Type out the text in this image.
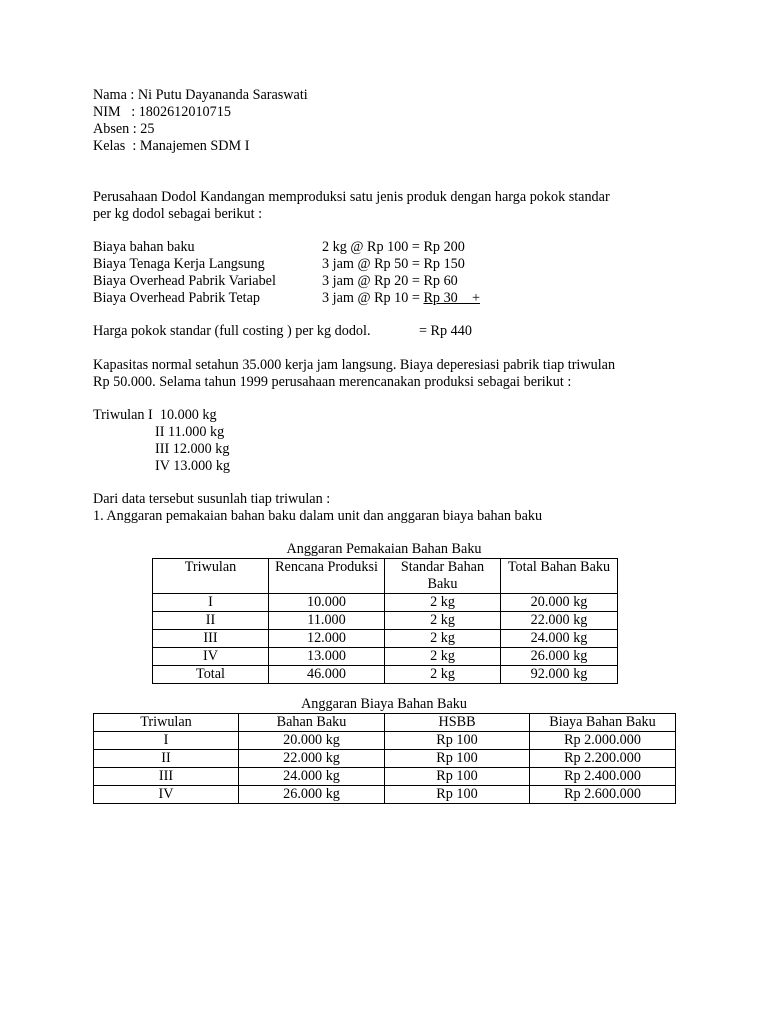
Nama : Ni Putu Dayananda Saraswati
NIM   : 1802612010715
Absen : 25
Kelas  : Manajemen SDM I
Perusahaan Dodol Kandangan memproduksi satu jenis produk dengan harga pokok standar
per kg dodol sebagai berikut :
Biaya bahan baku	2 kg @ Rp 100 = Rp 200
Biaya Tenaga Kerja Langsung	3 jam @ Rp 50 = Rp 150
Biaya Overhead Pabrik Variabel	3 jam @ Rp 20 = Rp 60
Biaya Overhead Pabrik Tetap	3 jam @ Rp 10 = Rp 30    +
Harga pokok standar (full costing ) per kg dodol.	= Rp 440
Kapasitas normal setahun 35.000 kerja jam langsung. Biaya deperesiasi pabrik tiap triwulan
Rp 50.000. Selama tahun 1999 perusahaan merencanakan produksi sebagai berikut :
Triwulan I  10.000 kg
II 11.000 kg
III 12.000 kg
IV 13.000 kg
Dari data tersebut susunlah tiap triwulan :
1. Anggaran pemakaian bahan baku dalam unit dan anggaran biaya bahan baku
Anggaran Pemakaian Bahan Baku
Triwulan	Rencana Produksi	Standar Bahan Baku	Total Bahan Baku
I	10.000	2 kg	20.000 kg
II	11.000	2 kg	22.000 kg
III	12.000	2 kg	24.000 kg
IV	13.000	2 kg	26.000 kg
Total	46.000	2 kg	92.000 kg
Anggaran Biaya Bahan Baku
Triwulan	Bahan Baku	HSBB	Biaya Bahan Baku
I	20.000 kg	Rp 100	Rp 2.000.000
II	22.000 kg	Rp 100	Rp 2.200.000
III	24.000 kg	Rp 100	Rp 2.400.000
IV	26.000 kg	Rp 100	Rp 2.600.000
